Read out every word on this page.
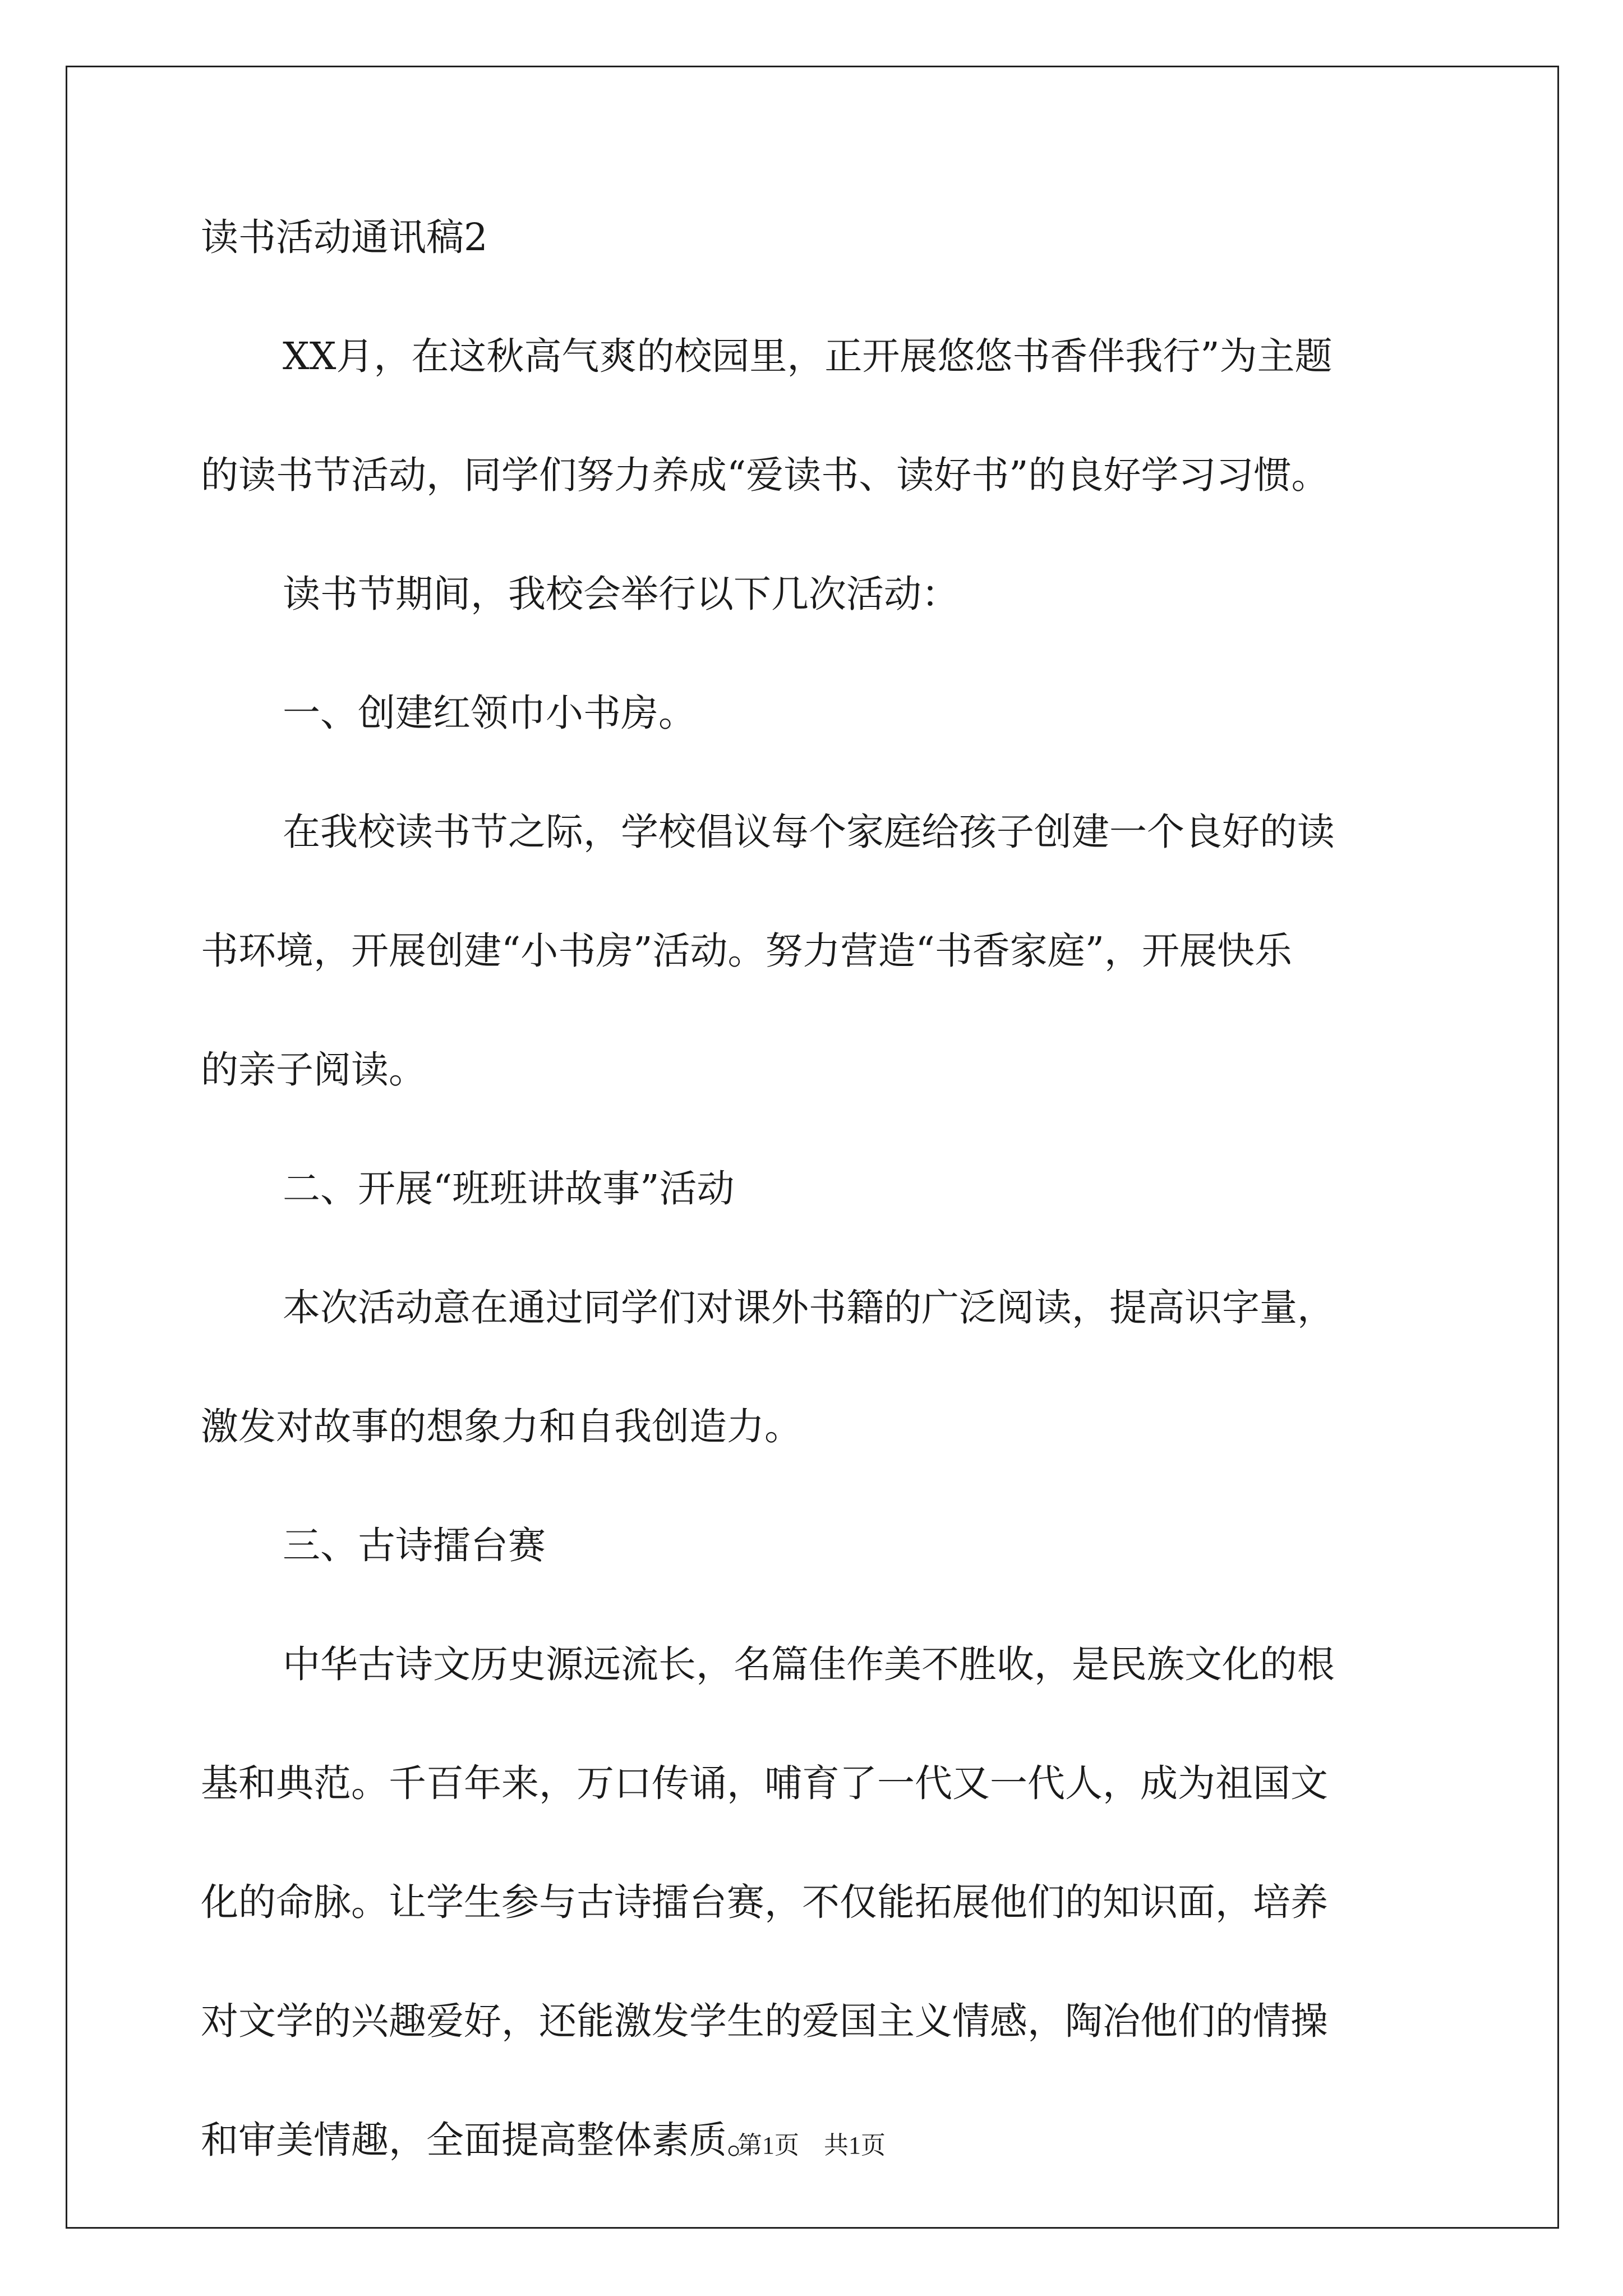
读书活动通讯稿2

XX月，在这秋高气爽的校园里，正开展悠悠书香伴我行”为主题

的读书节活动，同学们努力养成“爱读书、读好书”的良好学习习惯。

读书节期间，我校会举行以下几次活动：

一、创建红领巾小书房。

在我校读书节之际，学校倡议每个家庭给孩子创建一个良好的读

书环境，开展创建“小书房”活动。努力营造“书香家庭”，开展快乐

的亲子阅读。

二、开展“班班讲故事”活动

本次活动意在通过同学们对课外书籍的广泛阅读，提高识字量，

激发对故事的想象力和自我创造力。

三、古诗擂台赛

中华古诗文历史源远流长，名篇佳作美不胜收，是民族文化的根

基和典范。千百年来，万口传诵，哺育了一代又一代人，成为祖国文

化的命脉。让学生参与古诗擂台赛，不仅能拓展他们的知识面，培养

对文学的兴趣爱好，还能激发学生的爱国主义情感，陶冶他们的情操

和审美情趣，全面提高整体素质。

第1页　共1页
